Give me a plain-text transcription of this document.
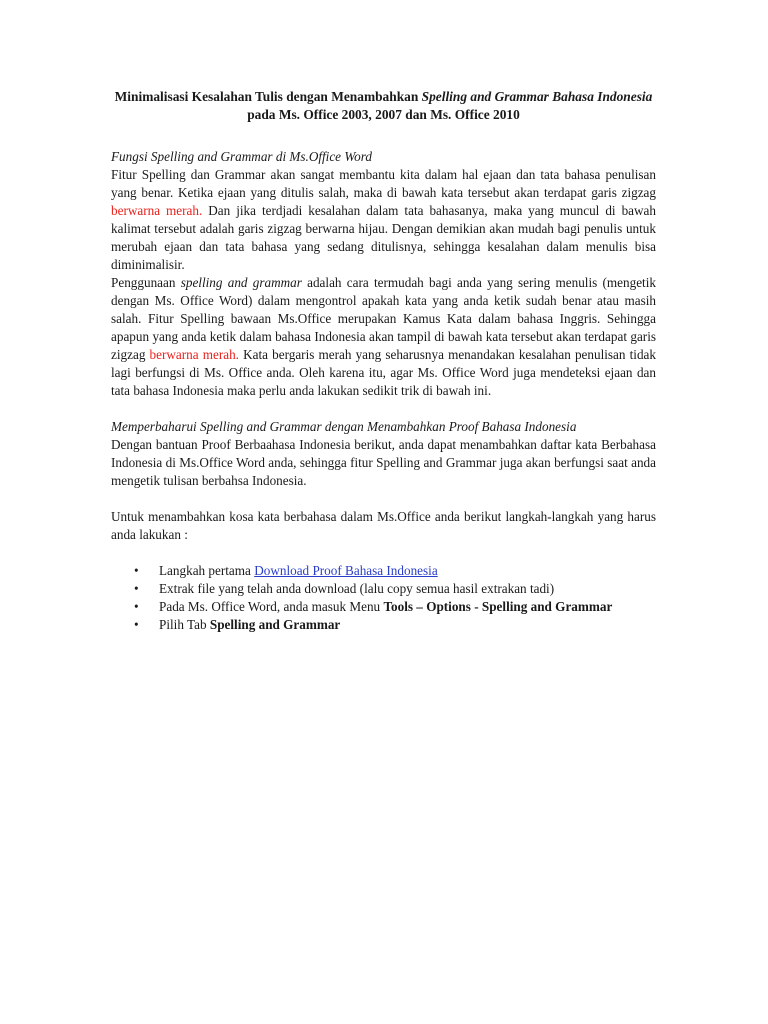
Minimalisasi Kesalahan Tulis dengan Menambahkan Spelling and Grammar Bahasa Indonesia pada Ms. Office 2003, 2007 dan Ms. Office 2010

Fungsi Spelling and Grammar di Ms.Office Word

Fitur Spelling dan Grammar akan sangat membantu kita dalam hal ejaan dan tata bahasa penulisan yang benar. Ketika ejaan yang ditulis salah, maka di bawah kata tersebut akan terdapat garis zigzag berwarna merah. Dan jika terdjadi kesalahan dalam tata bahasanya, maka yang muncul di bawah kalimat tersebut adalah garis zigzag berwarna hijau. Dengan demikian akan mudah bagi penulis untuk merubah ejaan dan tata bahasa yang sedang ditulisnya, sehingga kesalahan dalam menulis bisa diminimalisir.

Penggunaan spelling and grammar adalah cara termudah bagi anda yang sering menulis (mengetik dengan Ms. Office Word) dalam mengontrol apakah kata yang anda ketik sudah benar atau masih salah. Fitur Spelling bawaan Ms.Office merupakan Kamus Kata dalam bahasa Inggris. Sehingga apapun yang anda ketik dalam bahasa Indonesia akan tampil di bawah kata tersebut akan terdapat garis zigzag berwarna merah. Kata bergaris merah yang seharusnya menandakan kesalahan penulisan tidak lagi berfungsi di Ms. Office anda. Oleh karena itu, agar Ms. Office Word juga mendeteksi ejaan dan tata bahasa Indonesia maka perlu anda lakukan sedikit trik di bawah ini.

Memperbaharui Spelling and Grammar dengan Menambahkan Proof Bahasa Indonesia

Dengan bantuan Proof Berbaahasa Indonesia berikut, anda dapat menambahkan daftar kata Berbahasa Indonesia di Ms.Office Word anda, sehingga fitur Spelling and Grammar juga akan berfungsi saat anda mengetik tulisan berbahsa Indonesia.

Untuk menambahkan kosa kata berbahasa dalam Ms.Office anda berikut langkah-langkah yang harus anda lakukan :

• Langkah pertama Download Proof Bahasa Indonesia
• Extrak file yang telah anda download (lalu copy semua hasil extrakan tadi)
• Pada Ms. Office Word, anda masuk Menu Tools – Options - Spelling and Grammar
• Pilih Tab Spelling and Grammar
